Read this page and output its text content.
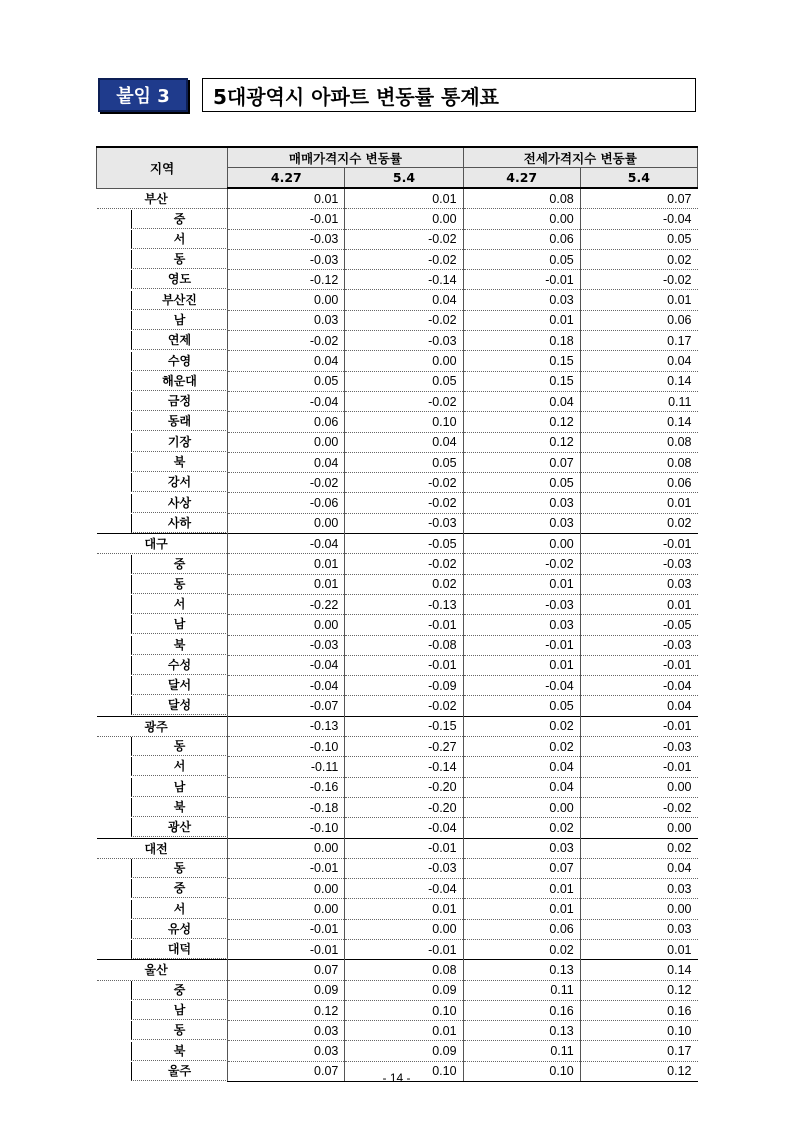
붙임 3	5대광역시 아파트 변동률 통계표
지역	매매가격지수 변동률		전세가격지수 변동률	
	4.27	5.4	4.27	5.4
부산	0.01	0.01	0.08	0.07
중	-0.01	0.00	0.00	-0.04
서	-0.03	-0.02	0.06	0.05
동	-0.03	-0.02	0.05	0.02
영도	-0.12	-0.14	-0.01	-0.02
부산진	0.00	0.04	0.03	0.01
남	0.03	-0.02	0.01	0.06
연제	-0.02	-0.03	0.18	0.17
수영	0.04	0.00	0.15	0.04
해운대	0.05	0.05	0.15	0.14
금정	-0.04	-0.02	0.04	0.11
동래	0.06	0.10	0.12	0.14
기장	0.00	0.04	0.12	0.08
북	0.04	0.05	0.07	0.08
강서	-0.02	-0.02	0.05	0.06
사상	-0.06	-0.02	0.03	0.01
사하	0.00	-0.03	0.03	0.02
대구	-0.04	-0.05	0.00	-0.01
중	0.01	-0.02	-0.02	-0.03
동	0.01	0.02	0.01	0.03
서	-0.22	-0.13	-0.03	0.01
남	0.00	-0.01	0.03	-0.05
북	-0.03	-0.08	-0.01	-0.03
수성	-0.04	-0.01	0.01	-0.01
달서	-0.04	-0.09	-0.04	-0.04
달성	-0.07	-0.02	0.05	0.04
광주	-0.13	-0.15	0.02	-0.01
동	-0.10	-0.27	0.02	-0.03
서	-0.11	-0.14	0.04	-0.01
남	-0.16	-0.20	0.04	0.00
북	-0.18	-0.20	0.00	-0.02
광산	-0.10	-0.04	0.02	0.00
대전	0.00	-0.01	0.03	0.02
동	-0.01	-0.03	0.07	0.04
중	0.00	-0.04	0.01	0.03
서	0.00	0.01	0.01	0.00
유성	-0.01	0.00	0.06	0.03
대덕	-0.01	-0.01	0.02	0.01
울산	0.07	0.08	0.13	0.14
중	0.09	0.09	0.11	0.12
남	0.12	0.10	0.16	0.16
동	0.03	0.01	0.13	0.10
북	0.03	0.09	0.11	0.17
울주	0.07	0.10	0.10	0.12
- 14 -
